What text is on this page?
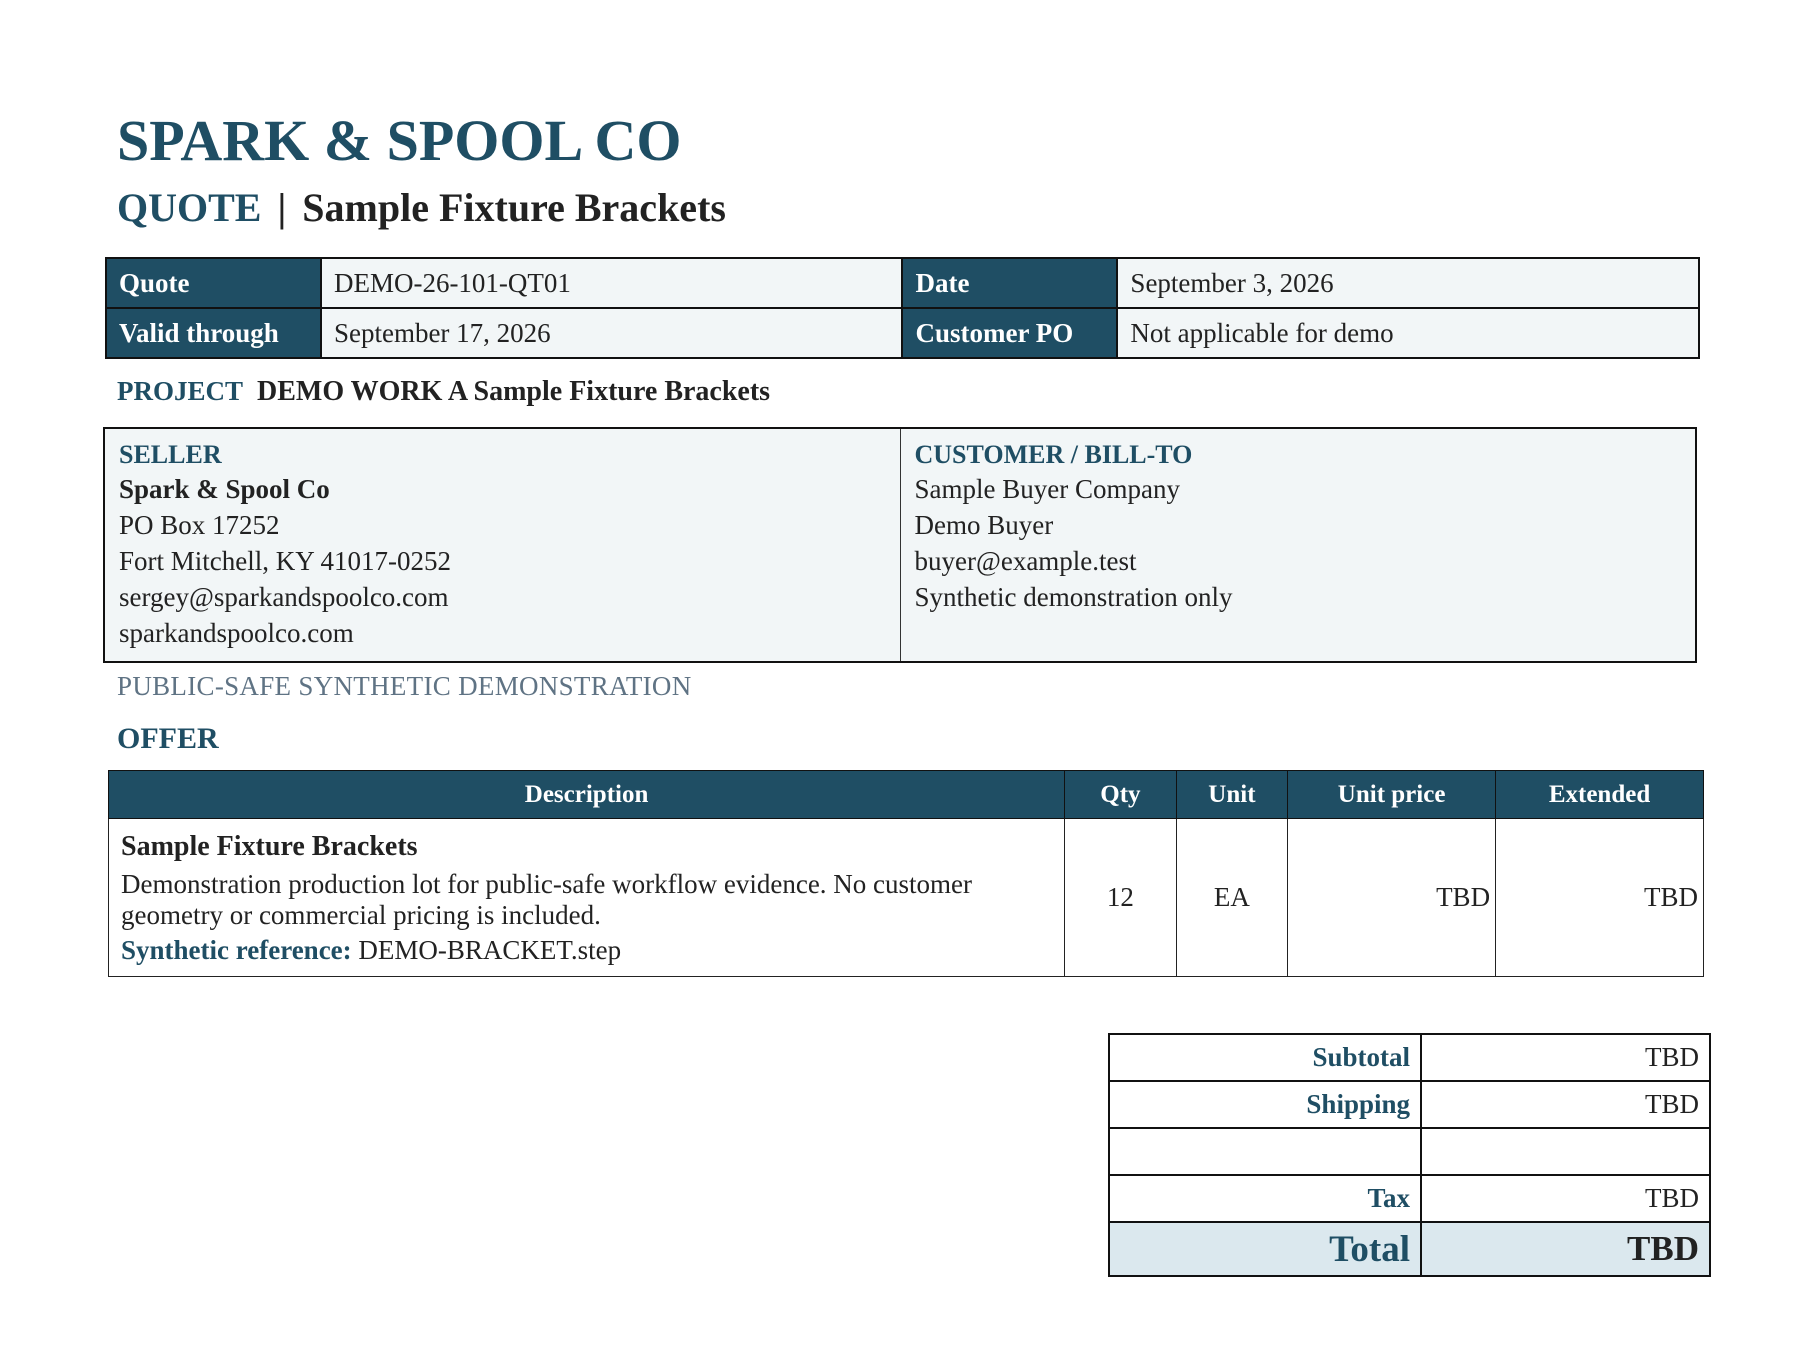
SPARK & SPOOL CO
QUOTE | Sample Fixture Brackets
Quote	DEMO-26-101-QT01	Date	September 3, 2026
Valid through	September 17, 2026	Customer PO	Not applicable for demo
PROJECT DEMO WORK A Sample Fixture Brackets
SELLER
Spark & Spool Co
PO Box 17252
Fort Mitchell, KY 41017-0252
sergey@sparkandspoolco.com
sparkandspoolco.com
CUSTOMER / BILL-TO
Sample Buyer Company
Demo Buyer
buyer@example.test
Synthetic demonstration only
PUBLIC-SAFE SYNTHETIC DEMONSTRATION
OFFER
Description	Qty	Unit	Unit price	Extended

Sample Fixture Brackets
Demonstration production lot for public-safe workflow evidence. No customer geometry or commercial pricing is included.
Synthetic reference: DEMO-BRACKET.step	12	EA	TBD	TBD
Subtotal	TBD
Shipping	TBD

Tax	TBD
Total	TBD
